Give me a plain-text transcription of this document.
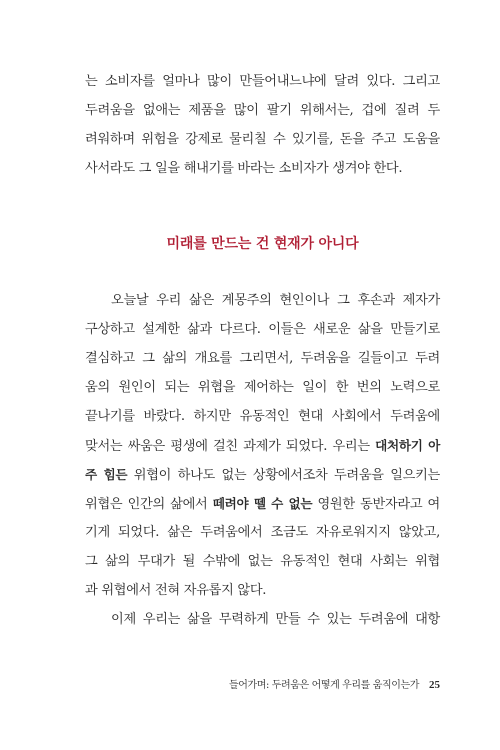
는 소비자를 얼마나 많이 만들어내느냐에 달려 있다. 그리고
두려움을 없애는 제품을 많이 팔기 위해서는, 겁에 질려 두
려워하며 위험을 강제로 물리칠 수 있기를, 돈을 주고 도움을
사서라도 그 일을 해내기를 바라는 소비자가 생겨야 한다.
미래를 만드는 건 현재가 아니다
오늘날 우리 삶은 계몽주의 현인이나 그 후손과 제자가
구상하고 설계한 삶과 다르다. 이들은 새로운 삶을 만들기로
결심하고 그 삶의 개요를 그리면서, 두려움을 길들이고 두려
움의 원인이 되는 위협을 제어하는 일이 한 번의 노력으로
끝나기를 바랐다. 하지만 유동적인 현대 사회에서 두려움에
맞서는 싸움은 평생에 걸친 과제가 되었다. 우리는 대처하기 아
주 힘든 위협이 하나도 없는 상황에서조차 두려움을 일으키는
위협은 인간의 삶에서 떼려야 뗄 수 없는 영원한 동반자라고 여
기게 되었다. 삶은 두려움에서 조금도 자유로워지지 않았고,
그 삶의 무대가 될 수밖에 없는 유동적인 현대 사회는 위협
과 위협에서 전혀 자유롭지 않다.
이제 우리는 삶을 무력하게 만들 수 있는 두려움에 대항
들어가며: 두려움은 어떻게 우리를 움직이는가 25
